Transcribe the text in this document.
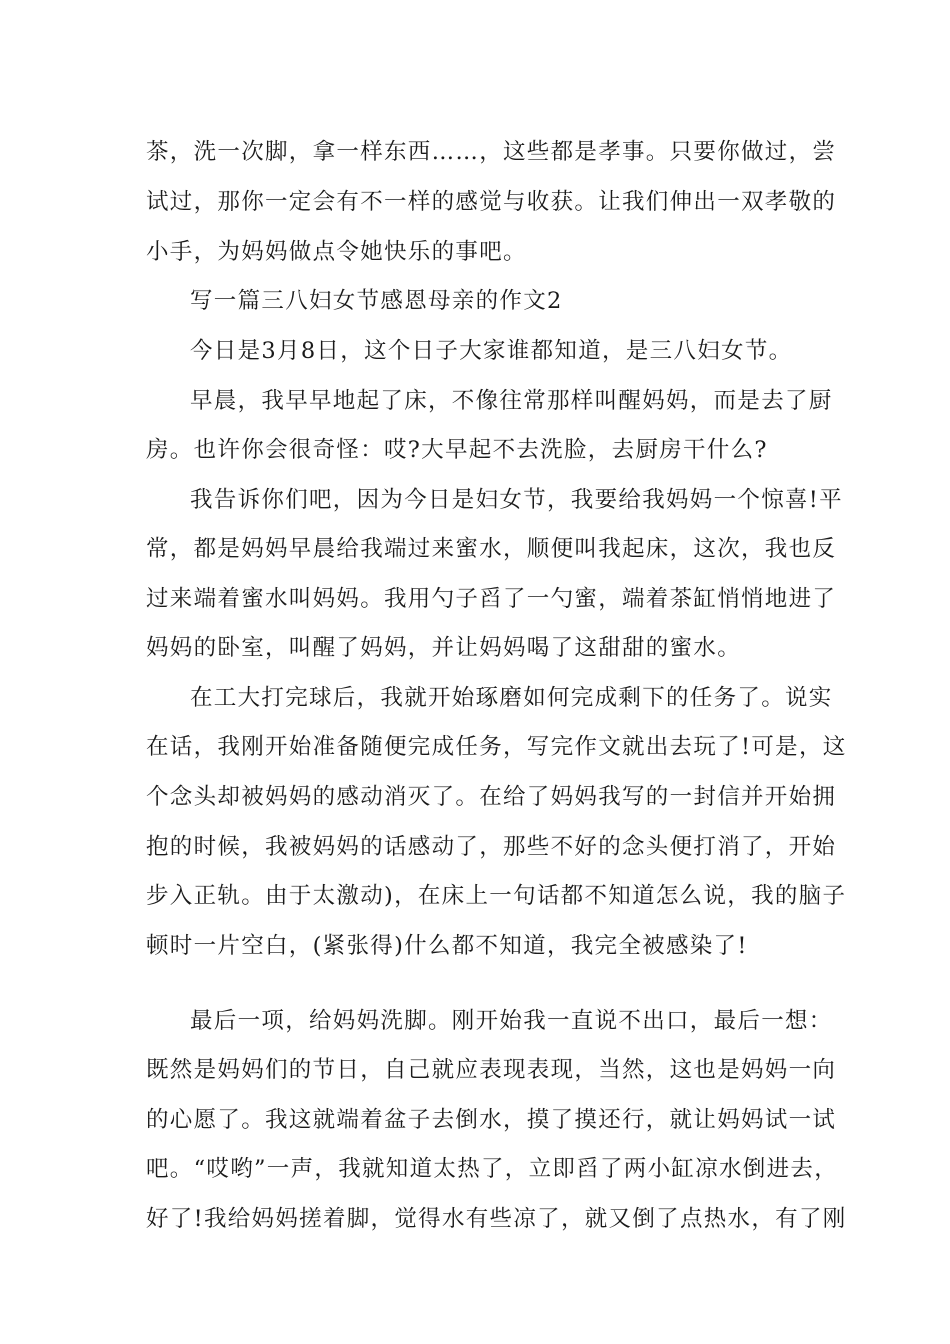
茶，洗一次脚，拿一样东西……，这些都是孝事。只要你做过，尝
试过，那你一定会有不一样的感觉与收获。让我们伸出一双孝敬的
小手，为妈妈做点令她快乐的事吧。
写一篇三八妇女节感恩母亲的作文2
今日是3月8日，这个日子大家谁都知道，是三八妇女节。
早晨，我早早地起了床，不像往常那样叫醒妈妈，而是去了厨
房。也许你会很奇怪：哎?大早起不去洗脸，去厨房干什么?
我告诉你们吧，因为今日是妇女节，我要给我妈妈一个惊喜!平
常，都是妈妈早晨给我端过来蜜水，顺便叫我起床，这次，我也反
过来端着蜜水叫妈妈。我用勺子舀了一勺蜜，端着茶缸悄悄地进了
妈妈的卧室，叫醒了妈妈，并让妈妈喝了这甜甜的蜜水。
在工大打完球后，我就开始琢磨如何完成剩下的任务了。说实
在话，我刚开始准备随便完成任务，写完作文就出去玩了!可是，这
个念头却被妈妈的感动消灭了。在给了妈妈我写的一封信并开始拥
抱的时候，我被妈妈的话感动了，那些不好的念头便打消了，开始
步入正轨。由于太激动)，在床上一句话都不知道怎么说，我的脑子
顿时一片空白，(紧张得)什么都不知道，我完全被感染了!
最后一项，给妈妈洗脚。刚开始我一直说不出口，最后一想：
既然是妈妈们的节日，自己就应表现表现，当然，这也是妈妈一向
的心愿了。我这就端着盆子去倒水，摸了摸还行，就让妈妈试一试
吧。“哎哟”一声，我就知道太热了，立即舀了两小缸凉水倒进去，
好了!我给妈妈搓着脚，觉得水有些凉了，就又倒了点热水，有了刚
